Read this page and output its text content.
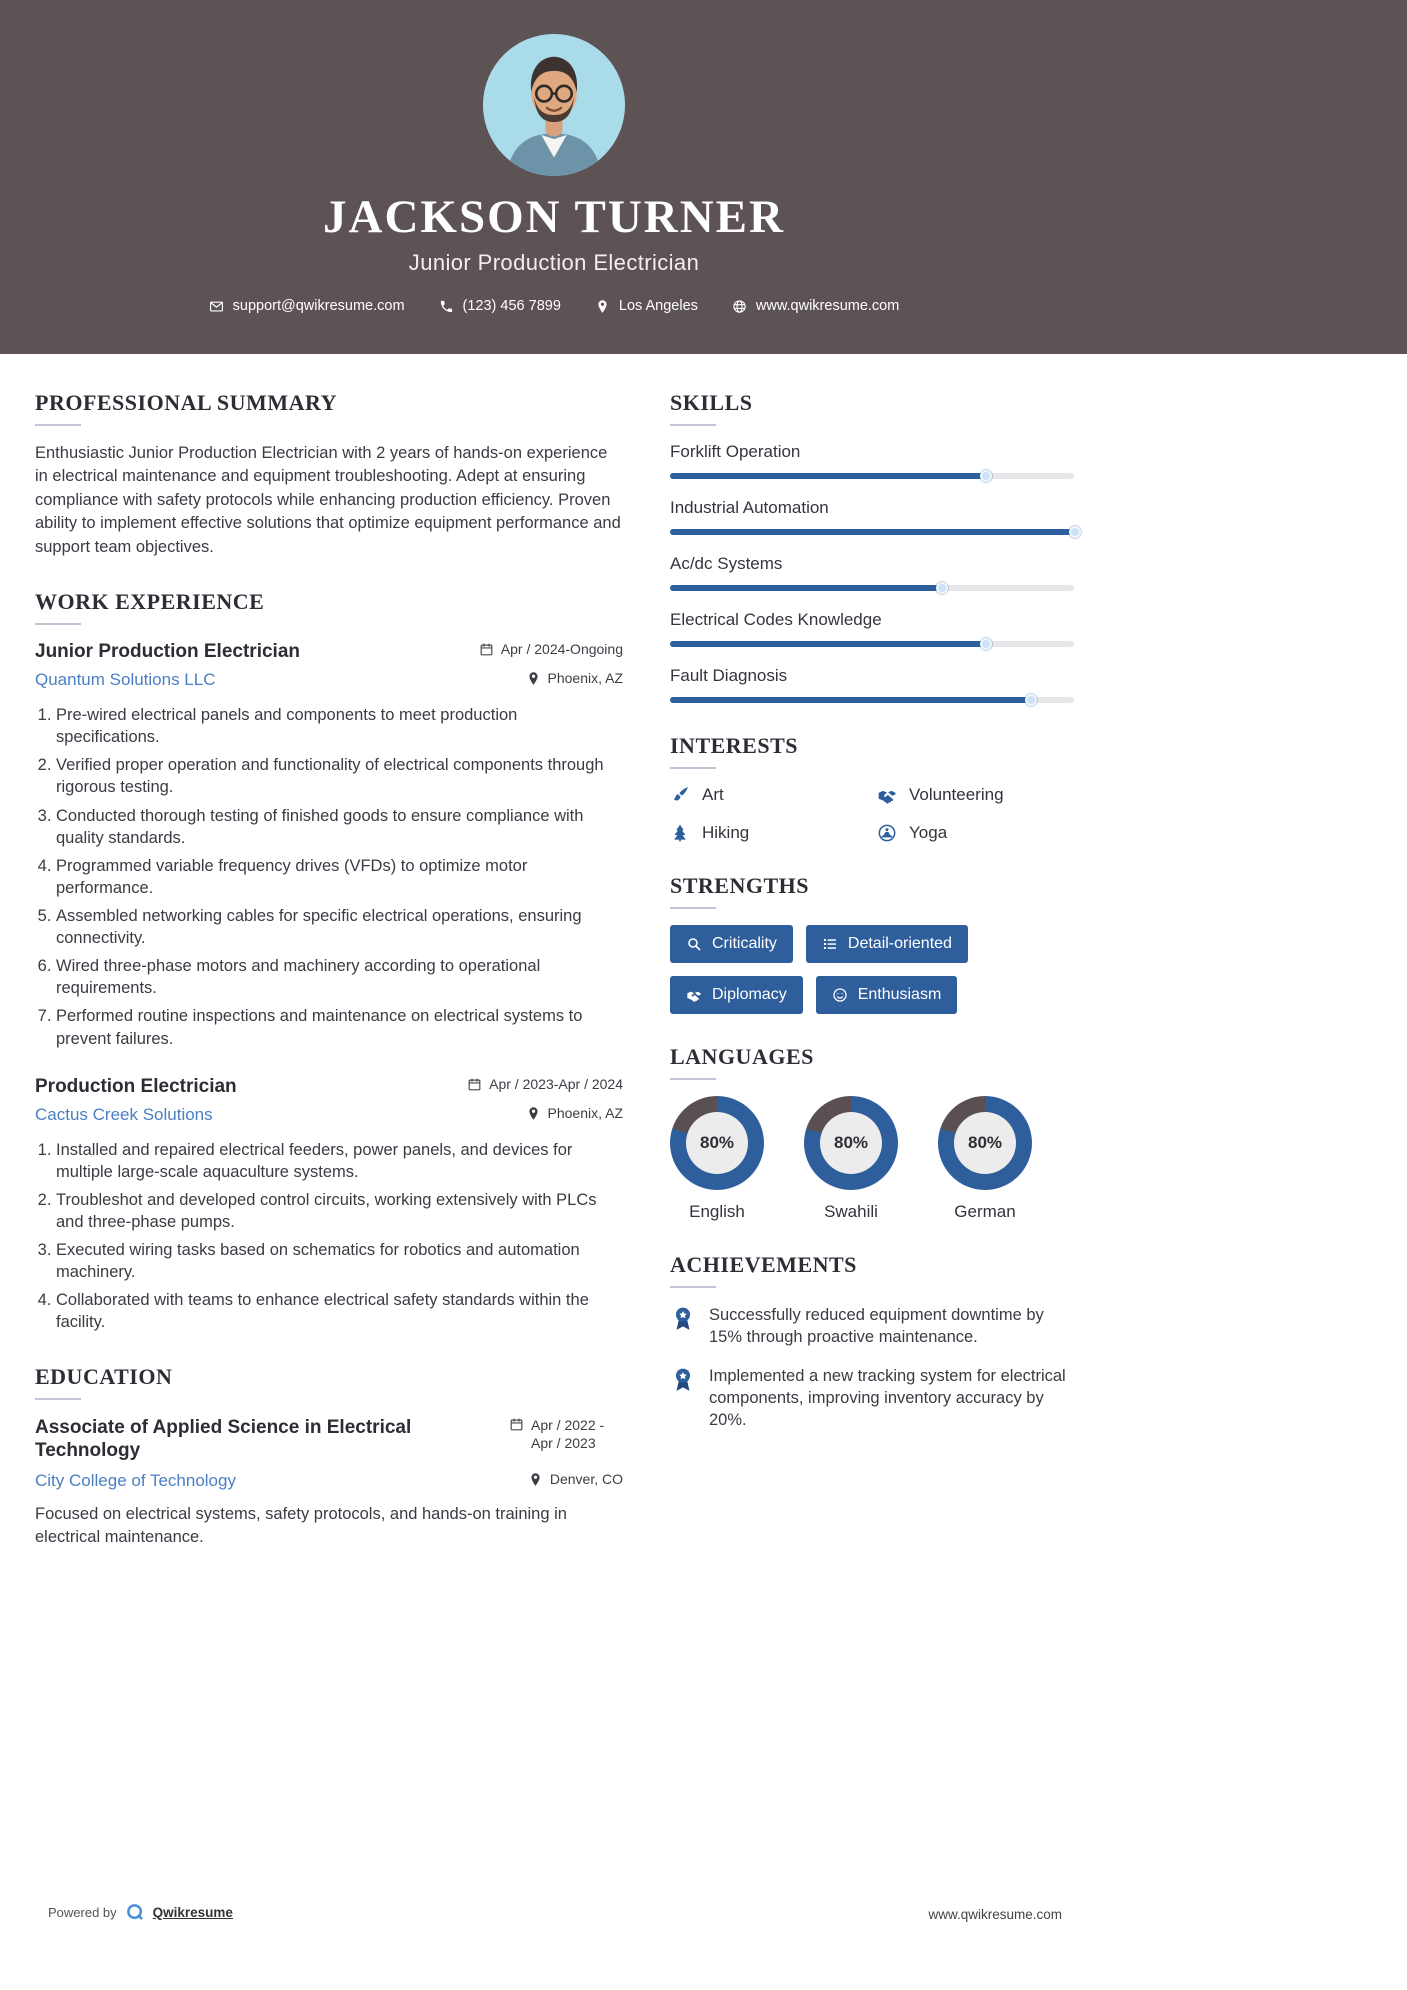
JACKSON TURNER
Junior Production Electrician
support@qwikresume.com	(123) 456 7899	Los Angeles	www.qwikresume.com
PROFESSIONAL SUMMARY

Enthusiastic Junior Production Electrician with 2 years of hands-on experience in electrical maintenance and equipment troubleshooting. Adept at ensuring compliance with safety protocols while enhancing production efficiency. Proven ability to implement effective solutions that optimize equipment performance and support team objectives.

WORK EXPERIENCE
Junior Production Electrician	Apr / 2024-Ongoing
Quantum Solutions LLC	Phoenix, AZ
1. Pre-wired electrical panels and components to meet production specifications.
2. Verified proper operation and functionality of electrical components through rigorous testing.
3. Conducted thorough testing of finished goods to ensure compliance with quality standards.
4. Programmed variable frequency drives (VFDs) to optimize motor performance.
5. Assembled networking cables for specific electrical operations, ensuring connectivity.
6. Wired three-phase motors and machinery according to operational requirements.
7. Performed routine inspections and maintenance on electrical systems to prevent failures.
Production Electrician	Apr / 2023-Apr / 2024
Cactus Creek Solutions	Phoenix, AZ
1. Installed and repaired electrical feeders, power panels, and devices for multiple large-scale aquaculture systems.
2. Troubleshot and developed control circuits, working extensively with PLCs and three-phase pumps.
3. Executed wiring tasks based on schematics for robotics and automation machinery.
4. Collaborated with teams to enhance electrical safety standards within the facility.
EDUCATION
Associate of Applied Science in Electrical Technology
Apr / 2022 - Apr / 2023
City College of Technology	Denver, CO

Focused on electrical systems, safety protocols, and hands-on training in electrical maintenance.

SKILLS
Forklift Operation
Industrial Automation
Ac/dc Systems
Electrical Codes Knowledge
Fault Diagnosis
INTERESTS
Art	Volunteering
Hiking	Yoga
STRENGTHS
Criticality	Detail-oriented
Diplomacy	Enthusiasm
LANGUAGES
80%
English
80%
Swahili
80%
German
ACHIEVEMENTS

Successfully reduced equipment downtime by 15% through proactive maintenance.

Implemented a new tracking system for electrical components, improving inventory accuracy by 20%.

Powered by	Qwikresume	www.qwikresume.com
